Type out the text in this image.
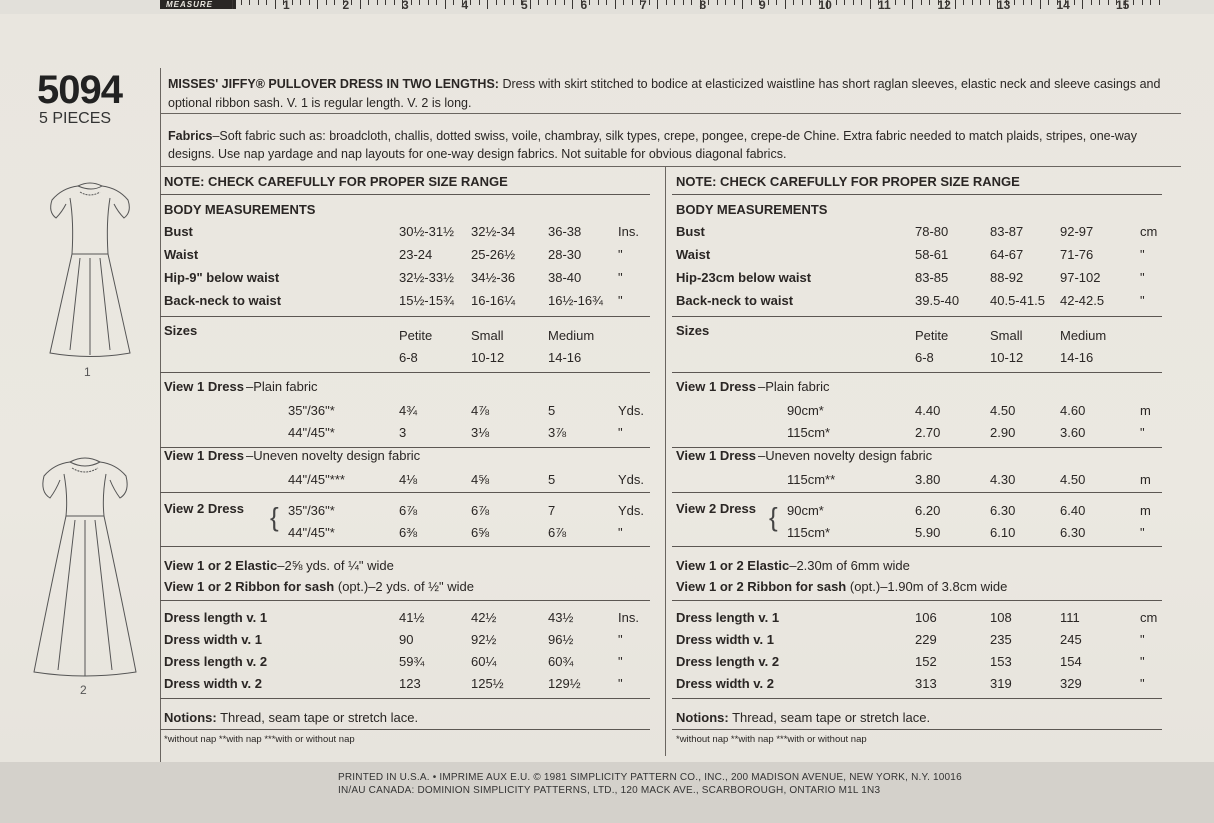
MEASURE	1	2	3	4	5	6	7	8	9	10	11	12	13	14	15
5094
5 PIECES
MISSES' JIFFY® PULLOVER DRESS IN TWO LENGTHS: Dress with skirt stitched to bodice at elasticized waistline has short raglan sleeves, elastic neck and sleeve casings and optional ribbon sash. V. 1 is regular length. V. 2 is long.
Fabrics–Soft fabric such as: broadcloth, challis, dotted swiss, voile, chambray, silk types, crepe, pongee, crepe-de Chine. Extra fabric needed to match plaids, stripes, one-way designs. Use nap yardage and nap layouts for one-way design fabrics. Not suitable for obvious diagonal fabrics.
NOTE: CHECK CAREFULLY FOR PROPER SIZE RANGE
BODY MEASUREMENTS
Bust	30½-31½ 32½-34	36-38	Ins.
Waist	23-24	25-26½	28-30	"
Hip-9" below waist	32½-33½ 34½-36	38-40	"
Back-neck to waist	15½-15¾ 16-16¼	16½-16¾ "
Sizes	Petite	Small	Medium
6-8	10-12	14-16
View 1 Dress –Plain fabric
35"/36"*	4¾	4⅞	5	Yds.
44"/45"*	3	3⅛	3⅞	"
View 1 Dress –Uneven novelty design fabric
44"/45"***	4⅛	4⅝	5	Yds.
View 2 Dress { 35"/36"*	6⅞	6⅞	7	Yds.
44"/45"*	6⅜	6⅝	6⅞	"
View 1 or 2 Elastic–2⅝ yds. of ¼" wide
View 1 or 2 Ribbon for sash (opt.)–2 yds. of ½" wide
Dress length v. 1	41½	42½	43½	Ins.
Dress width v. 1	90	92½	96½	"
Dress length v. 2	59¾	60¼	60¾	"
Dress width v. 2	123	125½	129½	"
Notions: Thread, seam tape or stretch lace.
*without nap **with nap ***with or without nap
NOTE: CHECK CAREFULLY FOR PROPER SIZE RANGE
BODY MEASUREMENTS
Bust	78-80	83-87	92-97	cm
Waist	58-61	64-67	71-76	"
Hip-23cm below waist	83-85	88-92	97-102	"
Back-neck to waist	39.5-40 40.5-41.5 42-42.5	"
Sizes	Petite	Small	Medium
6-8	10-12	14-16
View 1 Dress –Plain fabric
90cm*	4.40	4.50	4.60	m
115cm*	2.70	2.90	3.60	"
View 1 Dress –Uneven novelty design fabric
115cm**	3.80	4.30	4.50	m
View 2 Dress { 90cm*	6.20	6.30	6.40	m
115cm*	5.90	6.10	6.30	"
View 1 or 2 Elastic–2.30m of 6mm wide
View 1 or 2 Ribbon for sash (opt.)–1.90m of 3.8cm wide
Dress length v. 1	106	108	111	cm
Dress width v. 1	229	235	245	"
Dress length v. 2	152	153	154	"
Dress width v. 2	313	319	329	"
Notions: Thread, seam tape or stretch lace.
*without nap **with nap ***with or without nap
1
2
PRINTED IN U.S.A. • IMPRIME AUX E.U. © 1981 SIMPLICITY PATTERN CO., INC., 200 MADISON AVENUE, NEW YORK, N.Y. 10016
IN/AU CANADA: DOMINION SIMPLICITY PATTERNS, LTD., 120 MACK AVE., SCARBOROUGH, ONTARIO M1L 1N3
